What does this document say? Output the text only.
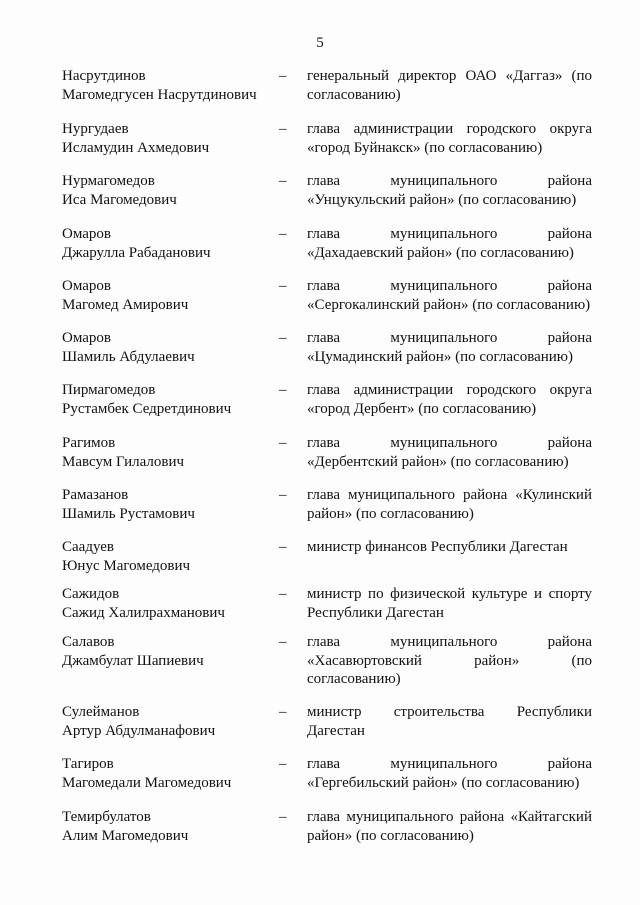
5
Насрутдинов
Магомедгусен Насрутдинович
– генеральный директор ОАО «Даггаз» (по согласованию)
Нургудаев
Исламудин Ахмедович
– глава администрации городского округа «город Буйнакск» (по согласованию)
Нурмагомедов
Иса Магомедович
– глава муниципального района «Унцукульский район» (по согласованию)
Омаров
Джарулла Рабаданович
– глава муниципального района «Дахадаевский район» (по согласованию)
Омаров
Магомед Амирович
– глава муниципального района «Сергокалинский район» (по согласованию)
Омаров
Шамиль Абдулаевич
– глава муниципального района «Цумадинский район» (по согласованию)
Пирмагомедов
Рустамбек Седретдинович
– глава администрации городского округа «город Дербент» (по согласованию)
Рагимов
Мавсум Гилалович
– глава муниципального района «Дербентский район» (по согласованию)
Рамазанов
Шамиль Рустамович
– глава муниципального района «Кулинский район» (по согласованию)
Саадуев
Юнус Магомедович
– министр финансов Республики Дагестан
Сажидов
Сажид Халилрахманович
– министр по физической культуре и спорту Республики Дагестан
Салавов
Джамбулат Шапиевич
– глава муниципального района «Хасавюртовский район» (по согласованию)
Сулейманов
Артур Абдулманафович
– министр строительства Республики Дагестан
Тагиров
Магомедали Магомедович
– глава муниципального района «Гергебильский район» (по согласованию)
Темирбулатов
Алим Магомедович
– глава муниципального района «Кайтагский район» (по согласованию)
